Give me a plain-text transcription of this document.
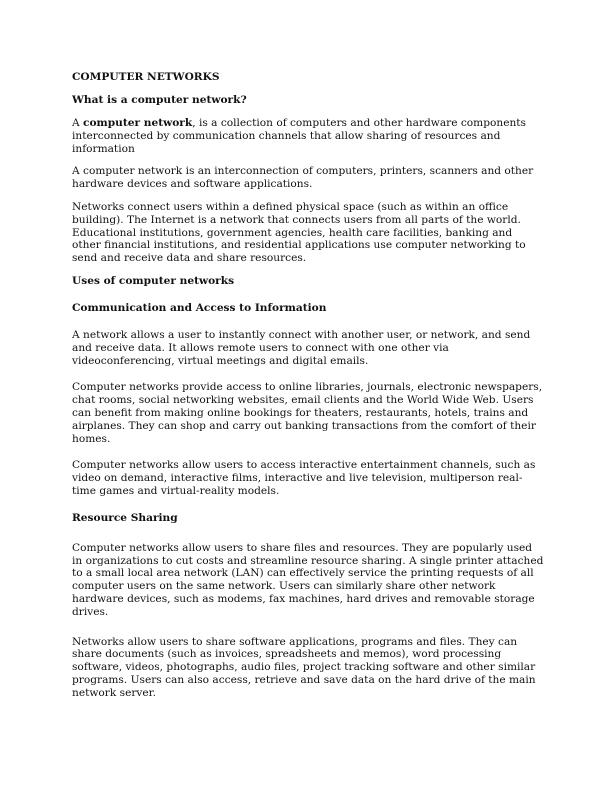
COMPUTER NETWORKS
What is a computer network?

A computer network, is a collection of computers and other hardware components interconnected by communication channels that allow sharing of resources and information

A computer network is an interconnection of computers, printers, scanners and other hardware devices and software applications.

Networks connect users within a defined physical space (such as within an office building). The Internet is a network that connects users from all parts of the world. Educational institutions, government agencies, health care facilities, banking and other financial institutions, and residential applications use computer networking to send and receive data and share resources.

Uses of computer networks
Communication and Access to Information

A network allows a user to instantly connect with another user, or network, and send and receive data. It allows remote users to connect with one other via videoconferencing, virtual meetings and digital emails.

Computer networks provide access to online libraries, journals, electronic newspapers, chat rooms, social networking websites, email clients and the World Wide Web. Users can benefit from making online bookings for theaters, restaurants, hotels, trains and airplanes. They can shop and carry out banking transactions from the comfort of their homes.

Computer networks allow users to access interactive entertainment channels, such as video on demand, interactive films, interactive and live television, multiperson real-time games and virtual-reality models.

Resource Sharing

Computer networks allow users to share files and resources. They are popularly used in organizations to cut costs and streamline resource sharing. A single printer attached to a small local area network (LAN) can effectively service the printing requests of all computer users on the same network. Users can similarly share other network hardware devices, such as modems, fax machines, hard drives and removable storage drives.

Networks allow users to share software applications, programs and files. They can share documents (such as invoices, spreadsheets and memos), word processing software, videos, photographs, audio files, project tracking software and other similar programs. Users can also access, retrieve and save data on the hard drive of the main network server.
